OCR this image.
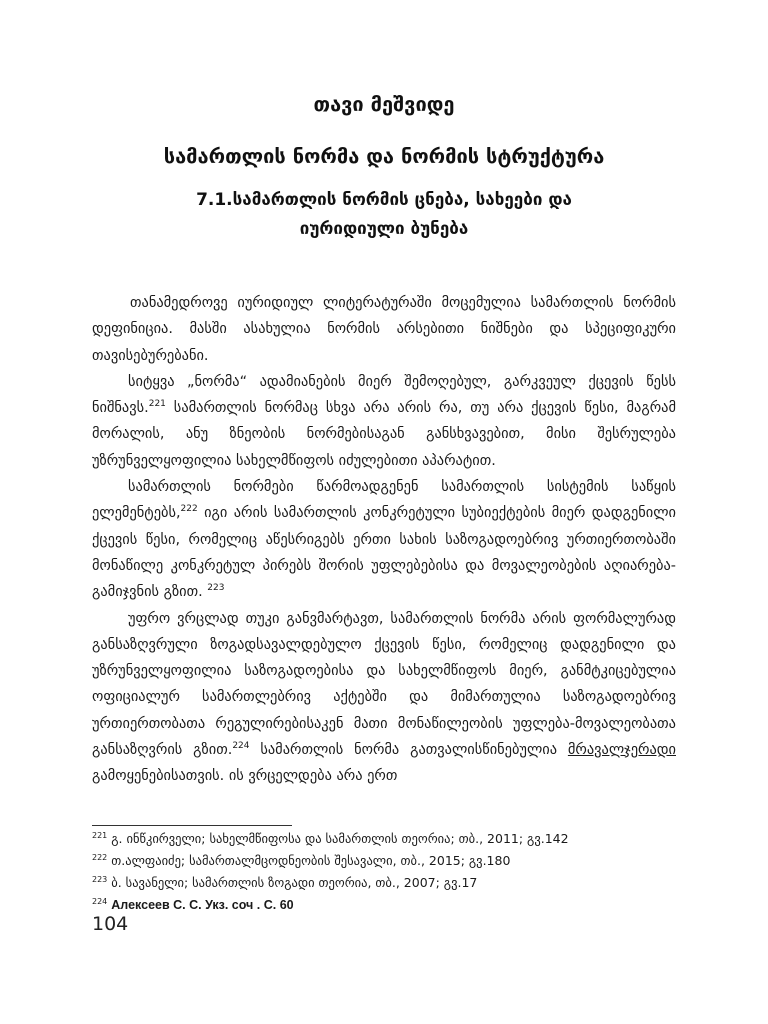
თავი მეშვიდე
სამართლის ნორმა და ნორმის სტრუქტურა
7.1.სამართლის ნორმის ცნება, სახეები და
იურიდიული ბუნება

თანამედროვე იურიდიულ ლიტერატურაში მოცემულია სამართლის ნორმის დეფინიცია. მასში ასახულია ნორმის არსებითი ნიშნები და სპეციფიკური თავისებურებანი.

სიტყვა „ნორმა“ ადამიანების მიერ შემოღებულ, გარკვეულ ქცევის წესს ნიშნავს.$^{221}$ სამართლის ნორმაც სხვა არა არის რა, თუ არა ქცევის წესი, მაგრამ მორალის, ანუ ზნეობის ნორმებისაგან განსხვავებით, მისი შესრულება უზრუნველყოფილია სახელმწიფოს იძულებითი აპარატით.

სამართლის ნორმები წარმოადგენენ სამართლის სისტემის საწყის ელემენტებს,$^{222}$ იგი არის სამართლის კონკრეტული სუბიექტების მიერ დადგენილი ქცევის წესი, რომელიც აწესრიგებს ერთი სახის საზოგადოებრივ ურთიერთობაში მონაწილე კონკრეტულ პირებს შორის უფლებებისა და მოვალეობების აღიარება-გამიჯვნის გზით. $^{223}$

უფრო ვრცლად თუკი განვმარტავთ, სამართლის ნორმა არის ფორმალურად განსაზღვრული ზოგადსავალდებულო ქცევის წესი, რომელიც დადგენილი და უზრუნველყოფილია საზოგადოებისა და სახელმწიფოს მიერ, განმტკიცებულია ოფიციალურ სამართლებრივ აქტებში და მიმართულია საზოგადოებრივ ურთიერთობათა რეგულირებისაკენ მათი მონაწილეობის უფლება-მოვალეობათა განსაზღვრის გზით.$^{224}$ სამართლის ნორმა გათვალისწინებულია მრავალჯერადი გამოყენებისათვის. ის ვრცელდება არა ერთ

$^{221}$ გ. ინწკირველი; სახელმწიფოსა და სამართლის თეორია; თბ., 2011; გვ.142
$^{222}$ თ.ალფაიძე; სამართალმცოდნეობის შესავალი, თბ., 2015; გვ.180
$^{223}$ ბ. სავანელი; სამართლის ზოგადი თეორია, თბ., 2007; გვ.17
$^{224}$ Алексеев С. С. Укз. соч . С. 60
104
